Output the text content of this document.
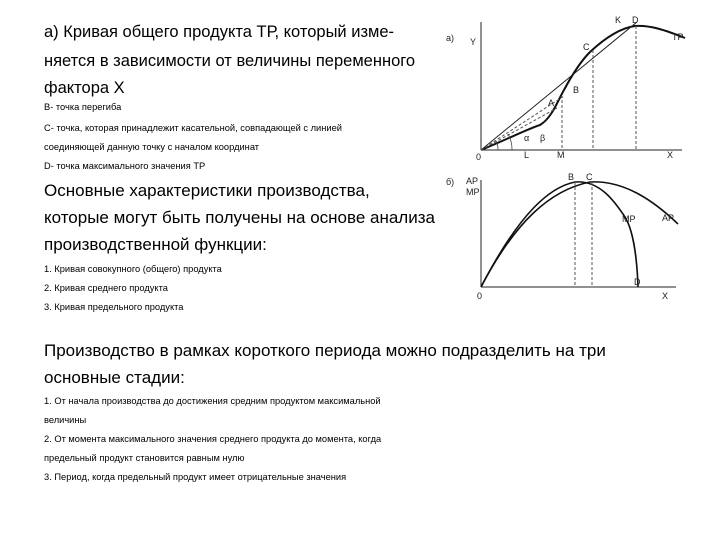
а) Кривая общего продукта ТР, который изме-
няется в зависимости от величины переменного
фактора Х
В- точка перегиба
С- точка, которая принадлежит касательной, совпадающей с линией
соединяющей данную точку с началом координат
D- точка максимального значения ТР
Основные характеристики производства,
которые могут быть получены на основе анализа
производственной функции:
1. Кривая совокупного (общего) продукта
2. Кривая среднего продукта
3. Кривая предельного продукта
Производство в рамках короткого периода можно подразделить на три
основные стадии:
1. От начала производства до достижения средним продуктом максимальной
величины
2. От момента максимального значения среднего продукта до момента, когда
предельный продукт становится равным нулю
3. Период, когда предельный продукт имеет отрицательные значения
а) Y
X
0
TP
A
B
C
D
K
L	M
α β
б) AP
MP
X
0
B C
D
MP	AP
